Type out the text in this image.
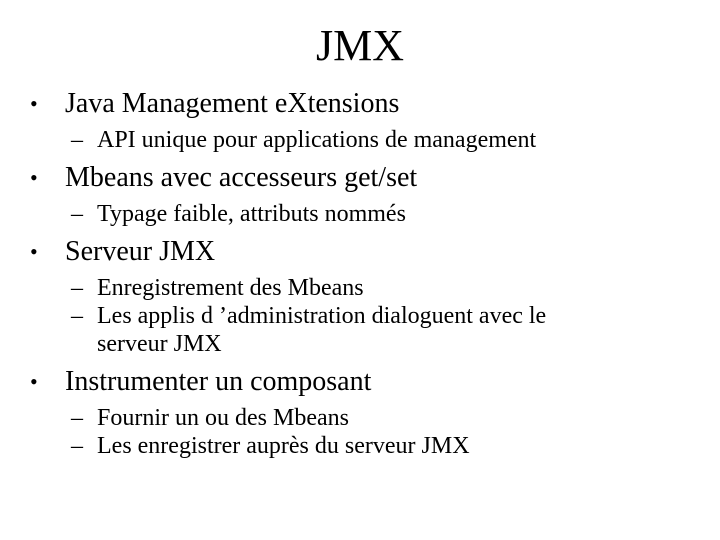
JMX
• Java Management eXtensions
– API unique pour applications de management
• Mbeans avec accesseurs get/set
– Typage faible, attributs nommés
• Serveur JMX
– Enregistrement des Mbeans
– Les applis d ’administration dialoguent avec le serveur JMX
• Instrumenter un composant
– Fournir un ou des Mbeans
– Les enregistrer auprès du serveur JMX
